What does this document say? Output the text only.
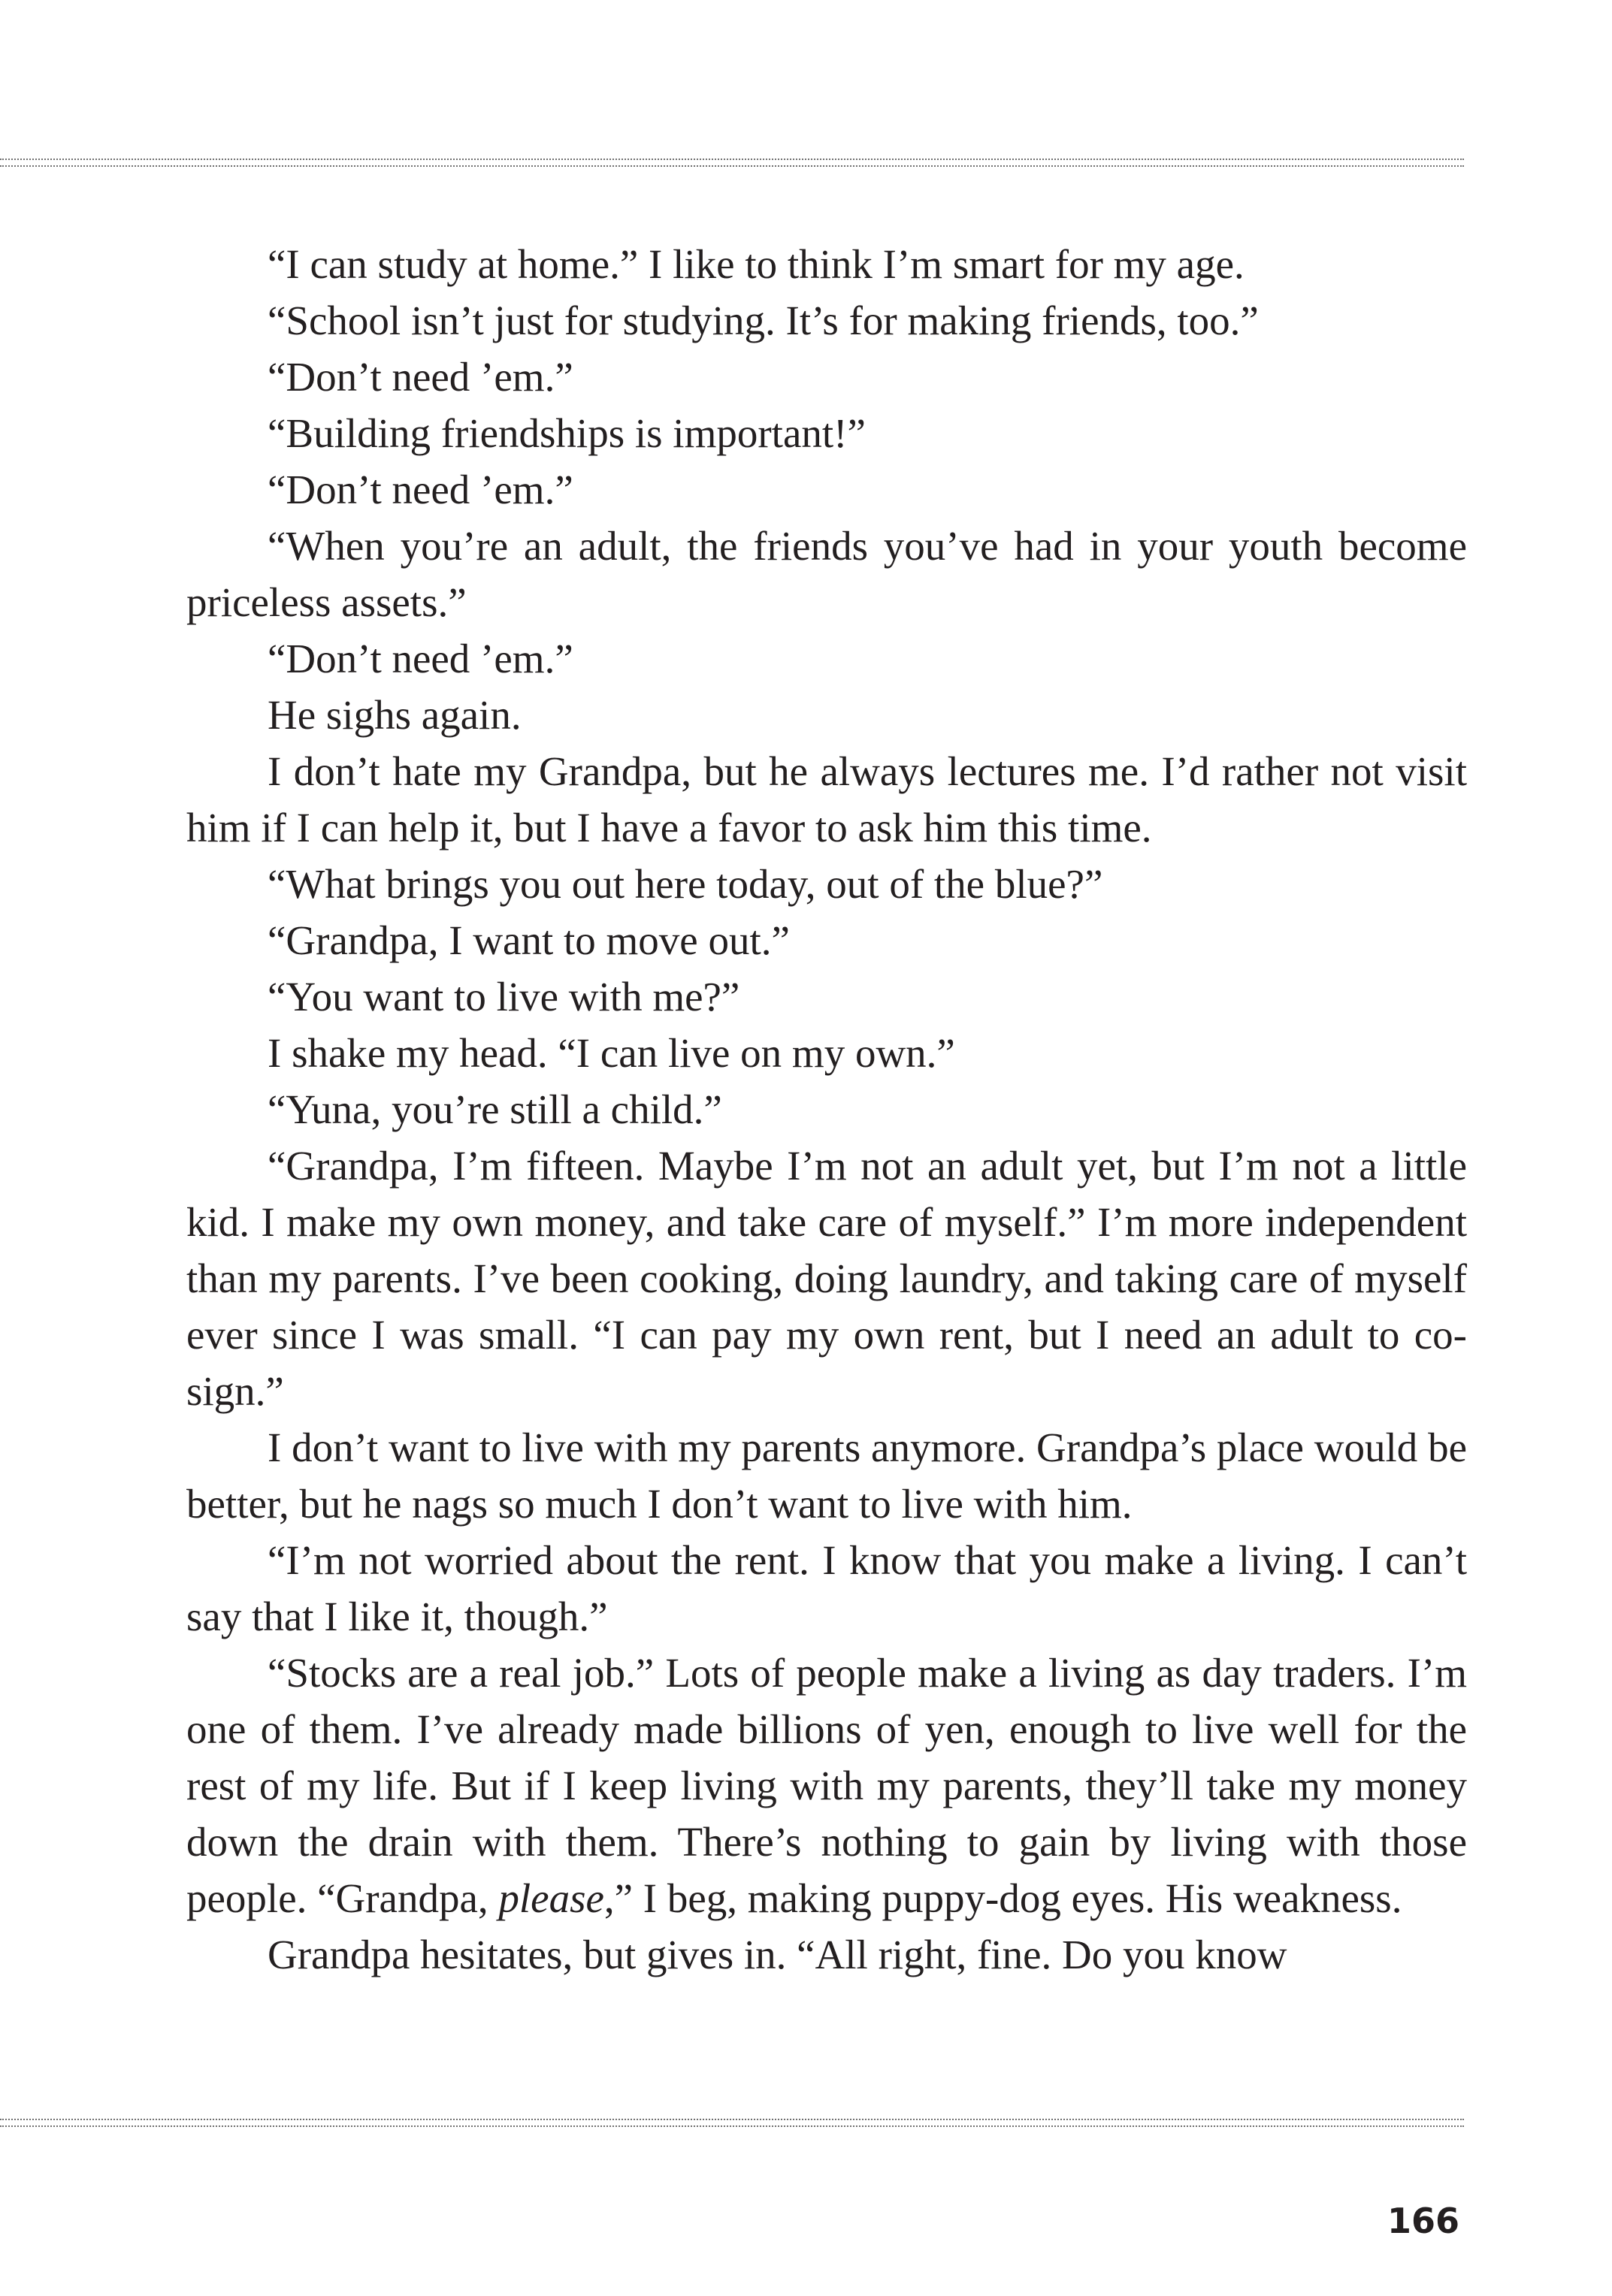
“I can study at home.” I like to think I’m smart for my age.

“School isn’t just for studying. It’s for making friends, too.”

“Don’t need ’em.”

“Building friendships is important!”

“Don’t need ’em.”

“When you’re an adult, the friends you’ve had in your youth become priceless assets.”

“Don’t need ’em.”

He sighs again.

I don’t hate my Grandpa, but he always lectures me. I’d rather not visit him if I can help it, but I have a favor to ask him this time.

“What brings you out here today, out of the blue?”

“Grandpa, I want to move out.”

“You want to live with me?”

I shake my head. “I can live on my own.”

“Yuna, you’re still a child.”

“Grandpa, I’m fifteen. Maybe I’m not an adult yet, but I’m not a little kid. I make my own money, and take care of myself.” I’m more independent than my parents. I’ve been cooking, doing laundry, and taking care of myself ever since I was small. “I can pay my own rent, but I need an adult to co-sign.”

I don’t want to live with my parents anymore. Grandpa’s place would be better, but he nags so much I don’t want to live with him.

“I’m not worried about the rent. I know that you make a living. I can’t say that I like it, though.”

“Stocks are a real job.” Lots of people make a living as day traders. I’m one of them. I’ve already made billions of yen, enough to live well for the rest of my life. But if I keep living with my parents, they’ll take my money down the drain with them. There’s nothing to gain by living with those people. “Grandpa, please,” I beg, making puppy-dog eyes. His weakness.

Grandpa hesitates, but gives in. “All right, fine. Do you know

166
